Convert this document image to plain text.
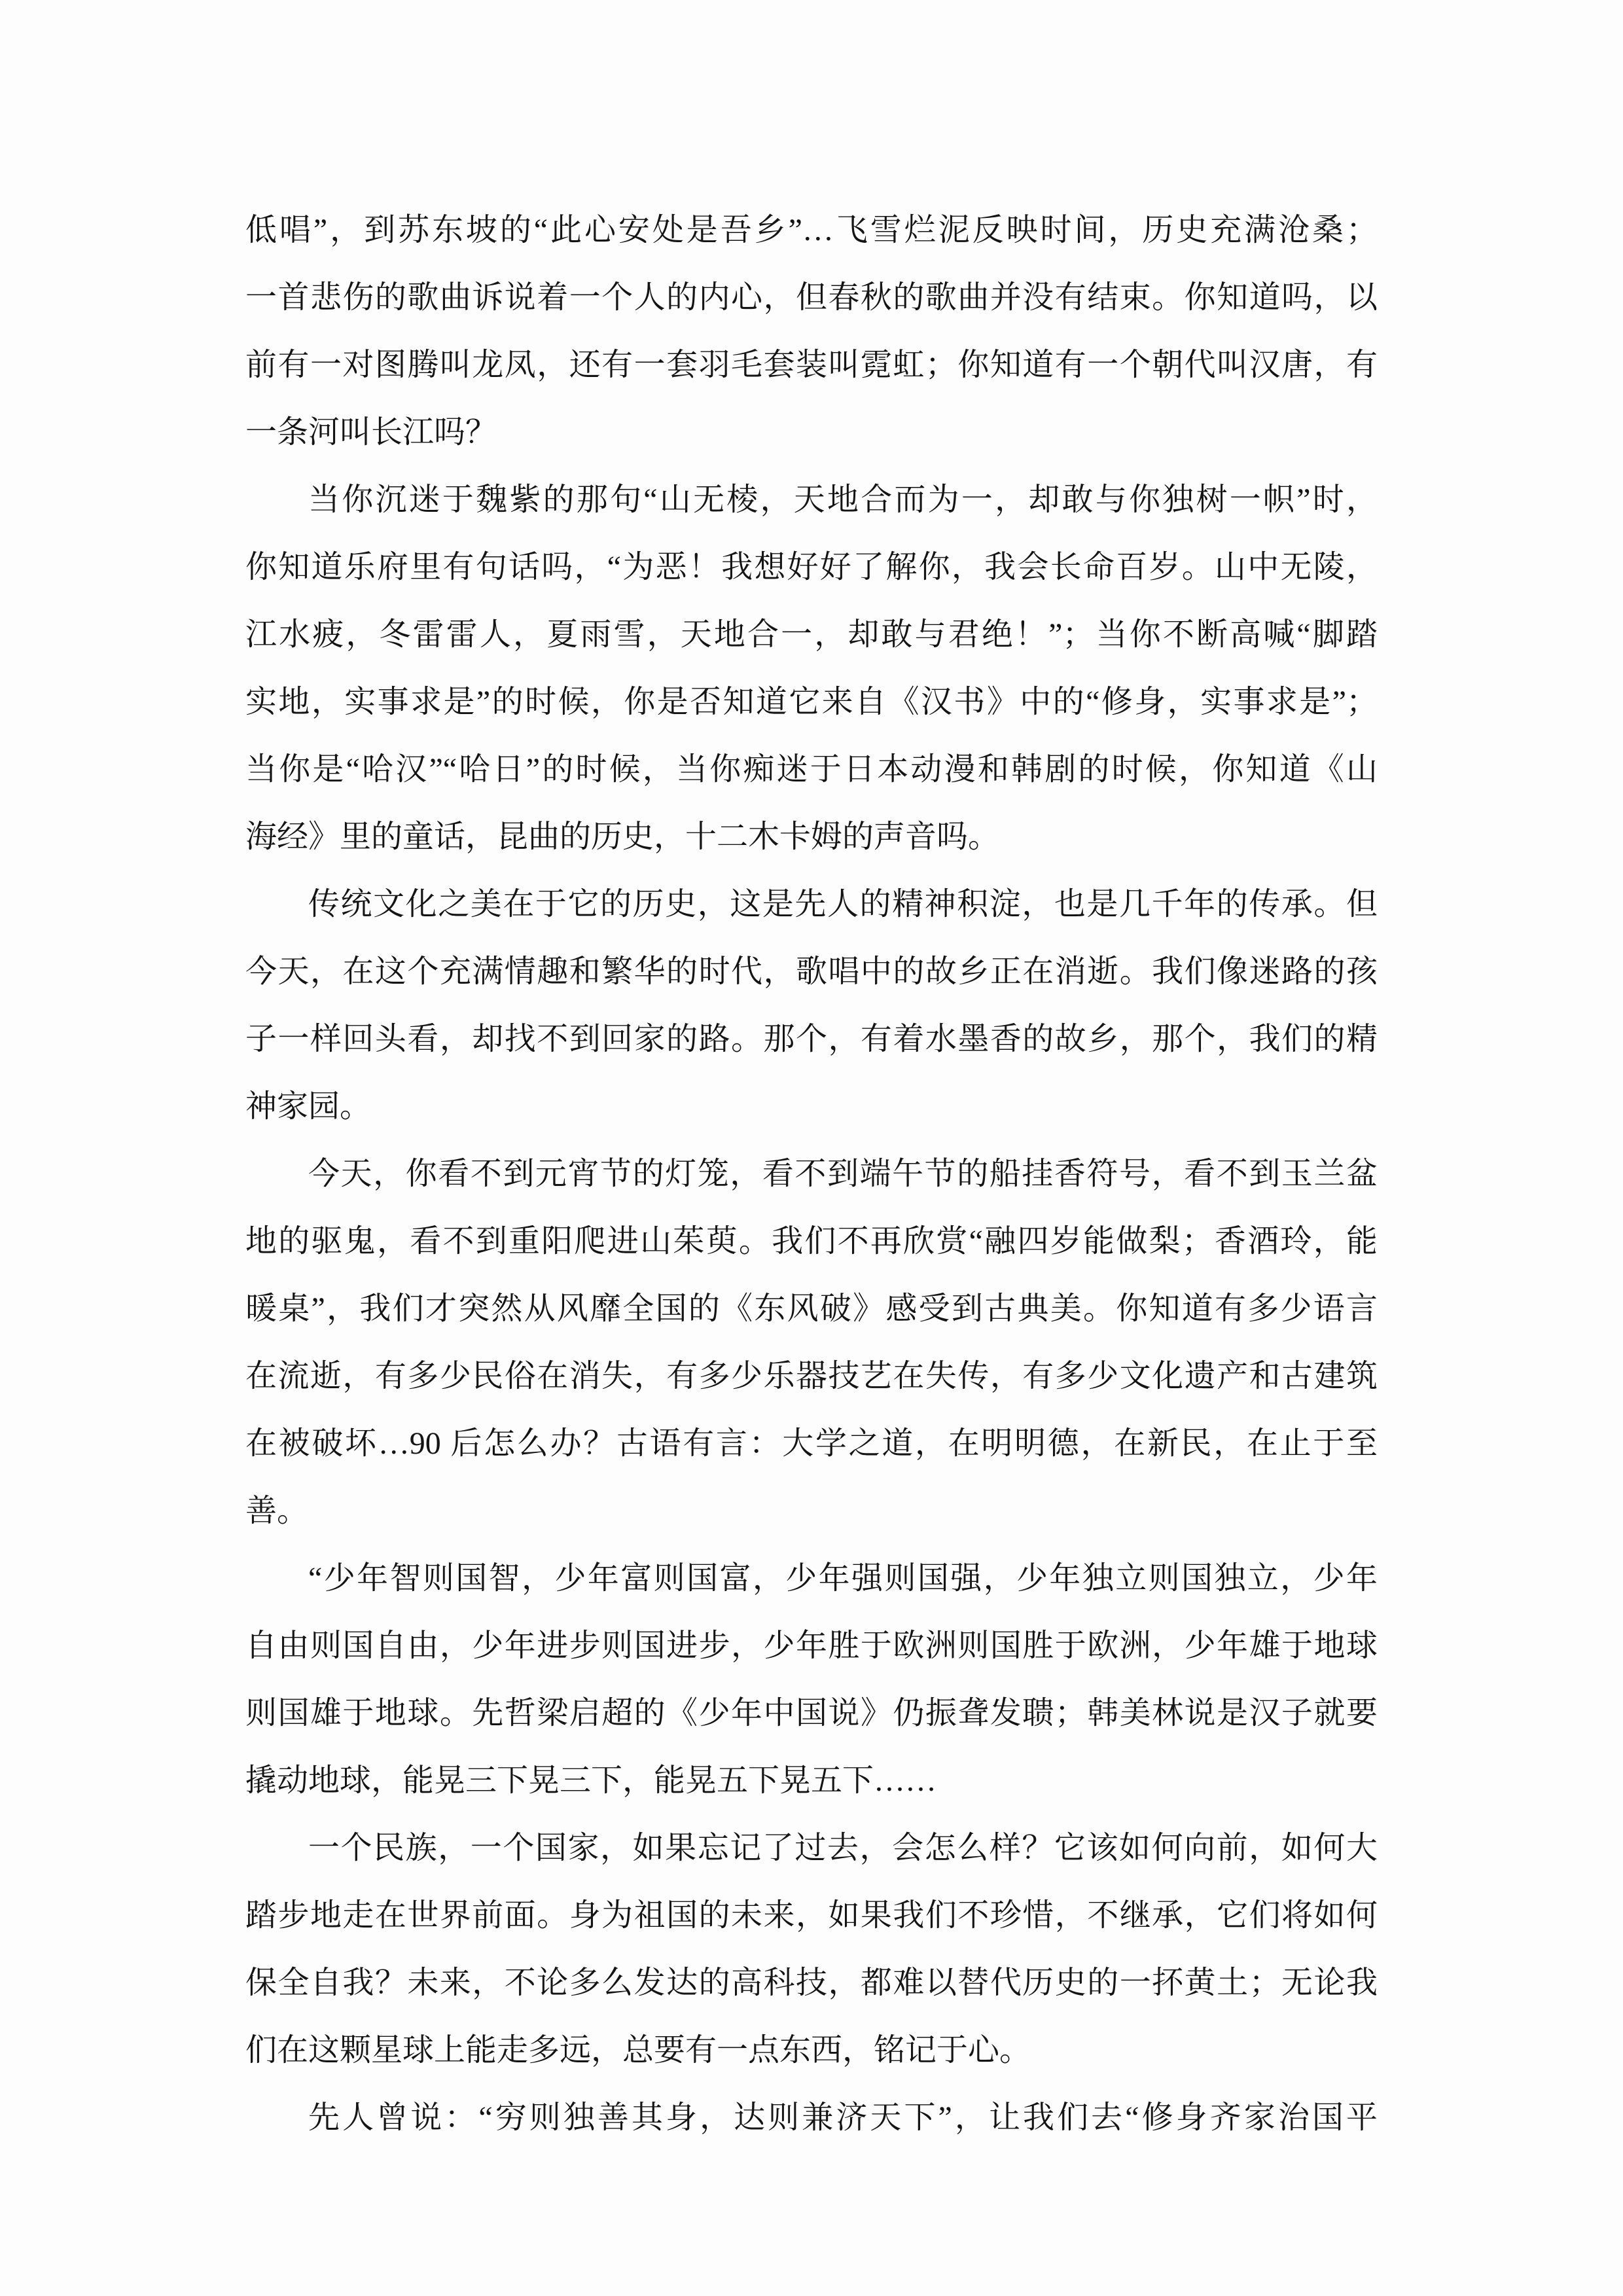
低唱”，到苏东坡的“此心安处是吾乡”…飞雪烂泥反映时间，历史充满沧桑；
一首悲伤的歌曲诉说着一个人的内心，但春秋的歌曲并没有结束。你知道吗，以
前有一对图腾叫龙凤，还有一套羽毛套装叫霓虹；你知道有一个朝代叫汉唐，有
一条河叫长江吗？
当你沉迷于魏紫的那句“山无棱，天地合而为一，却敢与你独树一帜”时，
你知道乐府里有句话吗，“为恶！我想好好了解你，我会长命百岁。山中无陵，
江水疲，冬雷雷人，夏雨雪，天地合一，却敢与君绝！”；当你不断高喊“脚踏
实地，实事求是”的时候，你是否知道它来自《汉书》中的“修身，实事求是”；
当你是“哈汉”“哈日”的时候，当你痴迷于日本动漫和韩剧的时候，你知道《山
海经》里的童话，昆曲的历史，十二木卡姆的声音吗。
传统文化之美在于它的历史，这是先人的精神积淀，也是几千年的传承。但
今天，在这个充满情趣和繁华的时代，歌唱中的故乡正在消逝。我们像迷路的孩
子一样回头看，却找不到回家的路。那个，有着水墨香的故乡，那个，我们的精
神家园。
今天，你看不到元宵节的灯笼，看不到端午节的船挂香符号，看不到玉兰盆
地的驱鬼，看不到重阳爬进山茱萸。我们不再欣赏“融四岁能做梨；香酒玲，能
暖桌”，我们才突然从风靡全国的《东风破》感受到古典美。你知道有多少语言
在流逝，有多少民俗在消失，有多少乐器技艺在失传，有多少文化遗产和古建筑
在被破坏…90 后怎么办？古语有言：大学之道，在明明德，在新民，在止于至
善。
“少年智则国智，少年富则国富，少年强则国强，少年独立则国独立，少年
自由则国自由，少年进步则国进步，少年胜于欧洲则国胜于欧洲，少年雄于地球
则国雄于地球。先哲梁启超的《少年中国说》仍振聋发聩；韩美林说是汉子就要
撬动地球，能晃三下晃三下，能晃五下晃五下……
一个民族，一个国家，如果忘记了过去，会怎么样？它该如何向前，如何大
踏步地走在世界前面。身为祖国的未来，如果我们不珍惜，不继承，它们将如何
保全自我？未来，不论多么发达的高科技，都难以替代历史的一抔黄土；无论我
们在这颗星球上能走多远，总要有一点东西，铭记于心。
先人曾说：“穷则独善其身，达则兼济天下”，让我们去“修身齐家治国平
